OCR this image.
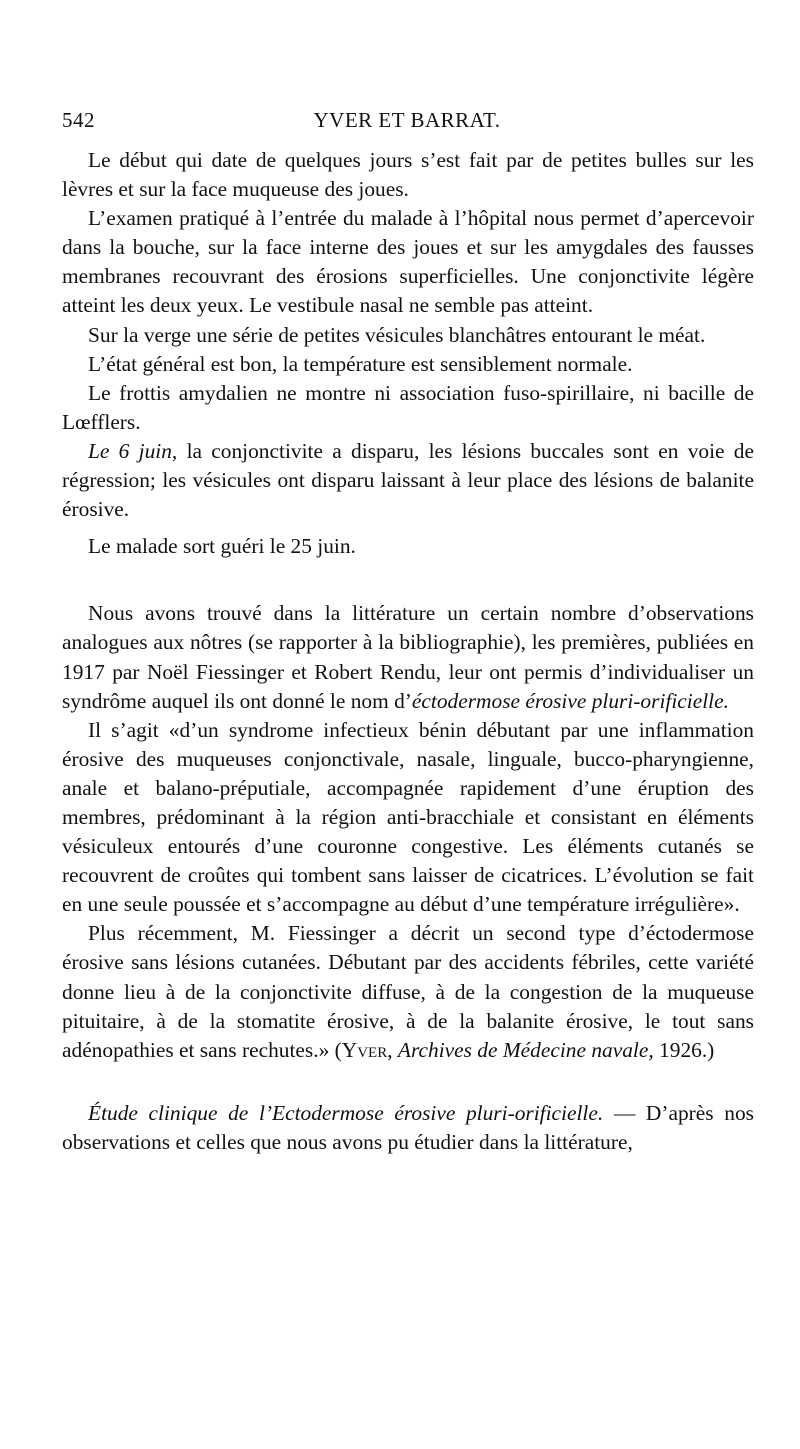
542	YVER ET BARRAT.

Le début qui date de quelques jours s’est fait par de petites bulles sur les lèvres et sur la face muqueuse des joues.

L’examen pratiqué à l’entrée du malade à l’hôpital nous permet d’apercevoir dans la bouche, sur la face interne des joues et sur les amygdales des fausses membranes recouvrant des érosions superficielles. Une conjonctivite légère atteint les deux yeux. Le vestibule nasal ne semble pas atteint.

Sur la verge une série de petites vésicules blanchâtres entourant le méat.

L’état général est bon, la température est sensiblement normale.

Le frottis amydalien ne montre ni association fuso-spirillaire, ni bacille de Lœfflers.

Le 6 juin, la conjonctivite a disparu, les lésions buccales sont en voie de régression; les vésicules ont disparu laissant à leur place des lésions de balanite érosive.

Le malade sort guéri le 25 juin.

Nous avons trouvé dans la littérature un certain nombre d’observations analogues aux nôtres (se rapporter à la bibliographie), les premières, publiées en 1917 par Noël Fiessinger et Robert Rendu, leur ont permis d’individualiser un syndrôme auquel ils ont donné le nom d’éctodermose érosive pluri-orificielle.

Il s’agit «d’un syndrome infectieux bénin débutant par une inflammation érosive des muqueuses conjonctivale, nasale, linguale, bucco-pharyngienne, anale et balano-préputiale, accompagnée rapidement d’une éruption des membres, prédominant à la région anti-bracchiale et consistant en éléments vésiculeux entourés d’une couronne congestive. Les éléments cutanés se recouvrent de croûtes qui tombent sans laisser de cicatrices. L’évolution se fait en une seule poussée et s’accompagne au début d’une température irrégulière».

Plus récemment, M. Fiessinger a décrit un second type d’éctodermose érosive sans lésions cutanées. Débutant par des accidents fébriles, cette variété donne lieu à de la conjonctivite diffuse, à de la congestion de la muqueuse pituitaire, à de la stomatite érosive, à de la balanite érosive, le tout sans adénopathies et sans rechutes.» (Yver, Archives de Médecine navale, 1926.)

Étude clinique de l’Ectodermose érosive pluri-orificielle. — D’après nos observations et celles que nous avons pu étudier dans la littérature,
